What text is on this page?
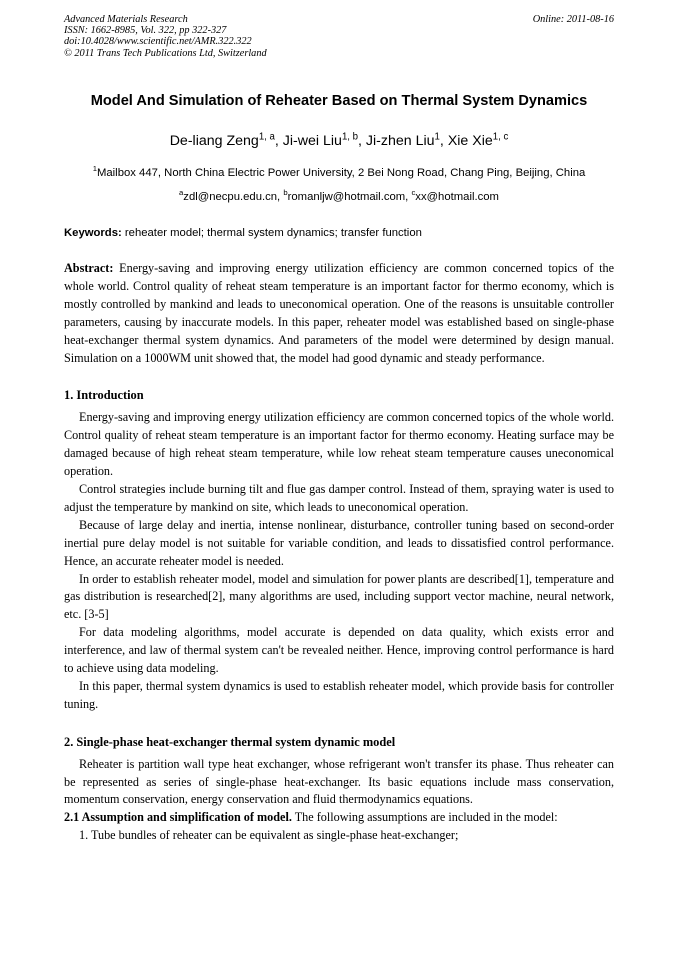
Advanced Materials Research
ISSN: 1662-8985, Vol. 322, pp 322-327
doi:10.4028/www.scientific.net/AMR.322.322
© 2011 Trans Tech Publications Ltd, Switzerland
Online: 2011-08-16
Model And Simulation of Reheater Based on Thermal System Dynamics
De-liang Zeng$^{1, a}$, Ji-wei Liu$^{1, b}$, Ji-zhen Liu$^1$, Xie Xie$^{1, c}$
$^1$Mailbox 447, North China Electric Power University, 2 Bei Nong Road, Chang Ping, Beijing, China
$^a$zdl@necpu.edu.cn, $^b$romanljw@hotmail.com, $^c$xx@hotmail.com
Keywords: reheater model; thermal system dynamics; transfer function
Abstract: Energy-saving and improving energy utilization efficiency are common concerned topics of the whole world. Control quality of reheat steam temperature is an important factor for thermo economy, which is mostly controlled by mankind and leads to uneconomical operation. One of the reasons is unsuitable controller parameters, causing by inaccurate models. In this paper, reheater model was established based on single-phase heat-exchanger thermal system dynamics. And parameters of the model were determined by design manual. Simulation on a 1000WM unit showed that, the model had good dynamic and steady performance.
1. Introduction

Energy-saving and improving energy utilization efficiency are common concerned topics of the whole world. Control quality of reheat steam temperature is an important factor for thermo economy. Heating surface may be damaged because of high reheat steam temperature, while low reheat steam temperature causes uneconomical operation.

Control strategies include burning tilt and flue gas damper control. Instead of them, spraying water is used to adjust the temperature by mankind on site, which leads to uneconomical operation.

Because of large delay and inertia, intense nonlinear, disturbance, controller tuning based on second-order inertial pure delay model is not suitable for variable condition, and leads to dissatisfied control performance. Hence, an accurate reheater model is needed.

In order to establish reheater model, model and simulation for power plants are described[1], temperature and gas distribution is researched[2], many algorithms are used, including support vector machine, neural network, etc. [3-5]

For data modeling algorithms, model accurate is depended on data quality, which exists error and interference, and law of thermal system can't be revealed neither. Hence, improving control performance is hard to achieve using data modeling.

In this paper, thermal system dynamics is used to establish reheater model, which provide basis for controller tuning.

2. Single-phase heat-exchanger thermal system dynamic model

Reheater is partition wall type heat exchanger, whose refrigerant won't transfer its phase. Thus reheater can be represented as series of single-phase heat-exchanger. Its basic equations include mass conservation, momentum conservation, energy conservation and fluid thermodynamics equations.

2.1 Assumption and simplification of model. The following assumptions are included in the model:

1. Tube bundles of reheater can be equivalent as single-phase heat-exchanger;
